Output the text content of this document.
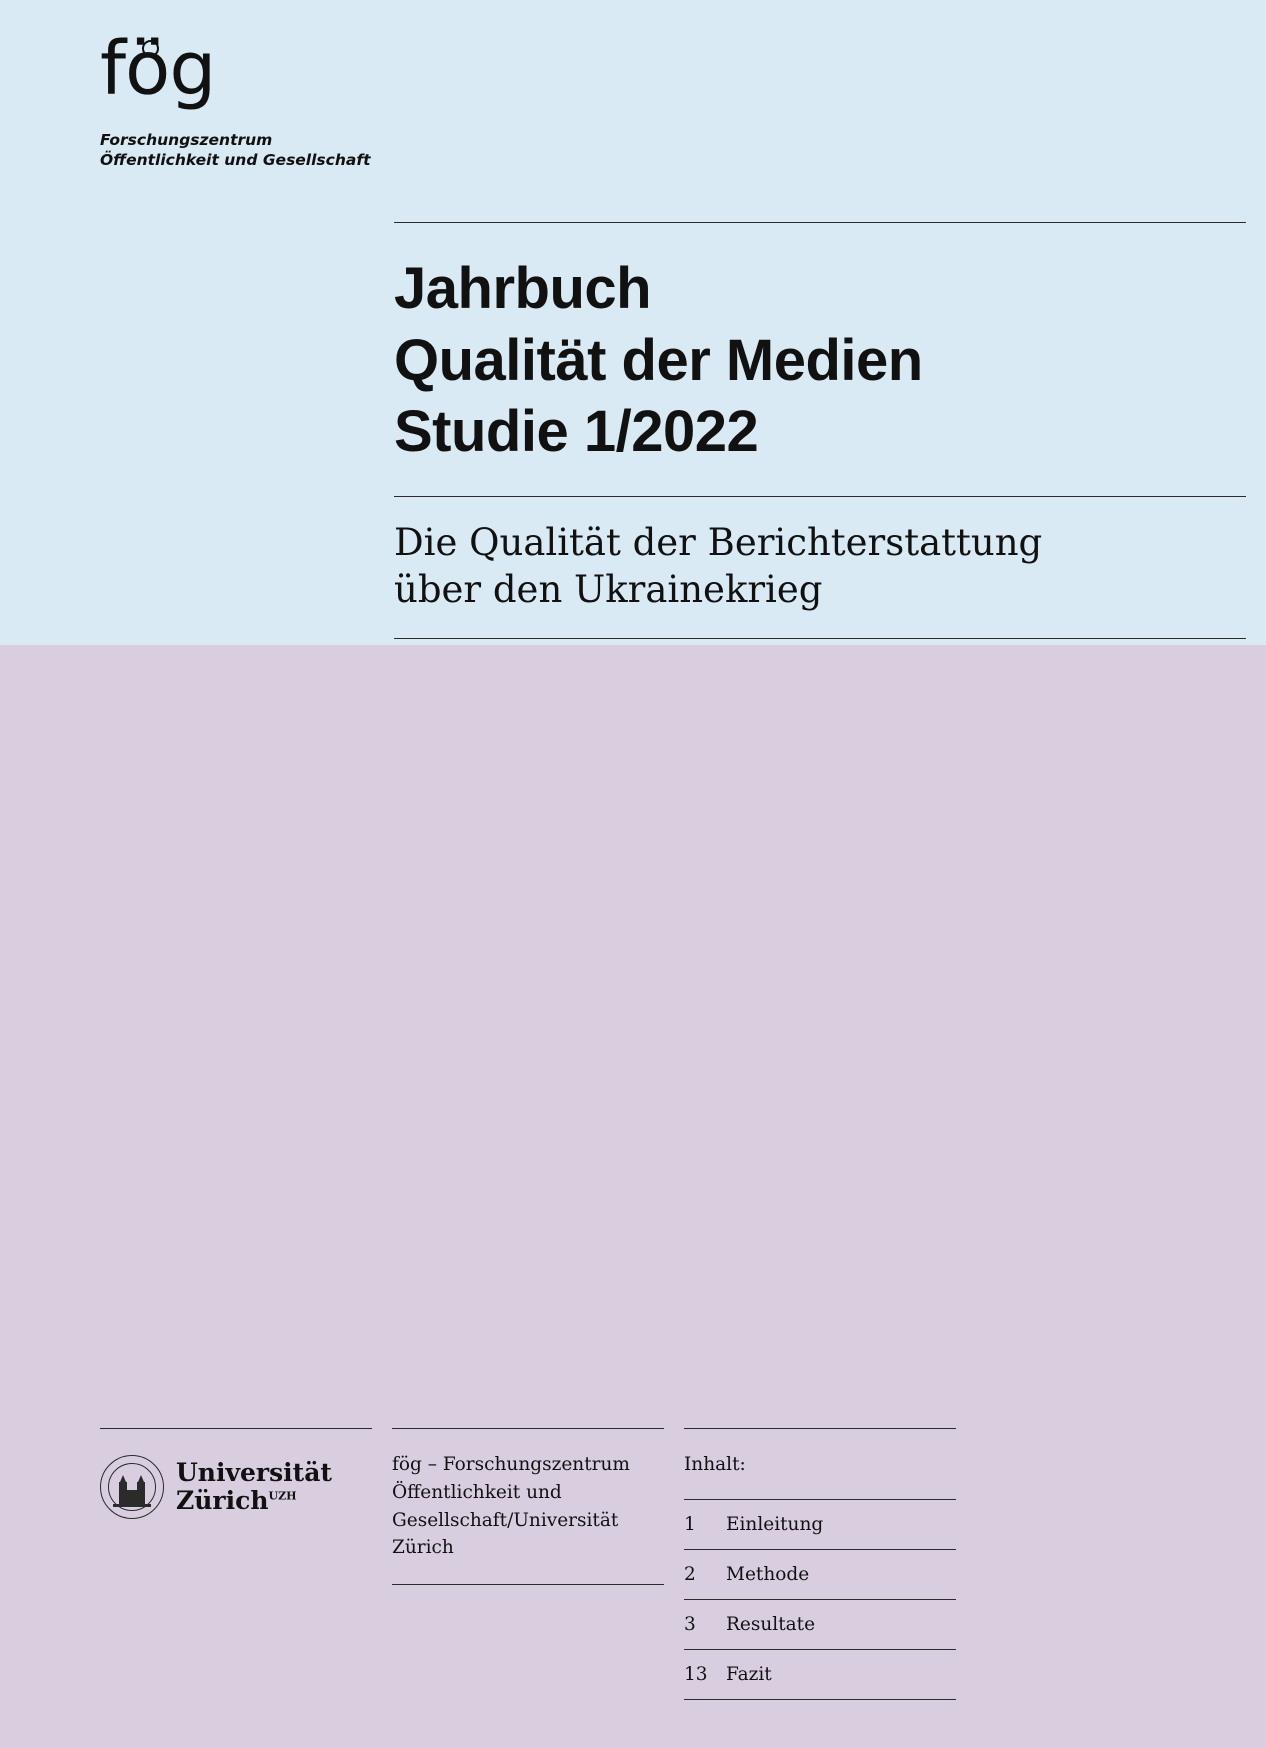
fög
Forschungszentrum
Öffentlichkeit und Gesellschaft
Jahrbuch
Qualität der Medien
Studie 1/2022
Die Qualität der Berichterstattung
über den Ukrainekrieg
Universität
Zürich$^{UZH}$
fög – Forschungszentrum
Öffentlichkeit und
Gesellschaft/Universität
Zürich
Inhalt:
1	Einleitung
2	Methode
3	Resultate
13 Fazit
